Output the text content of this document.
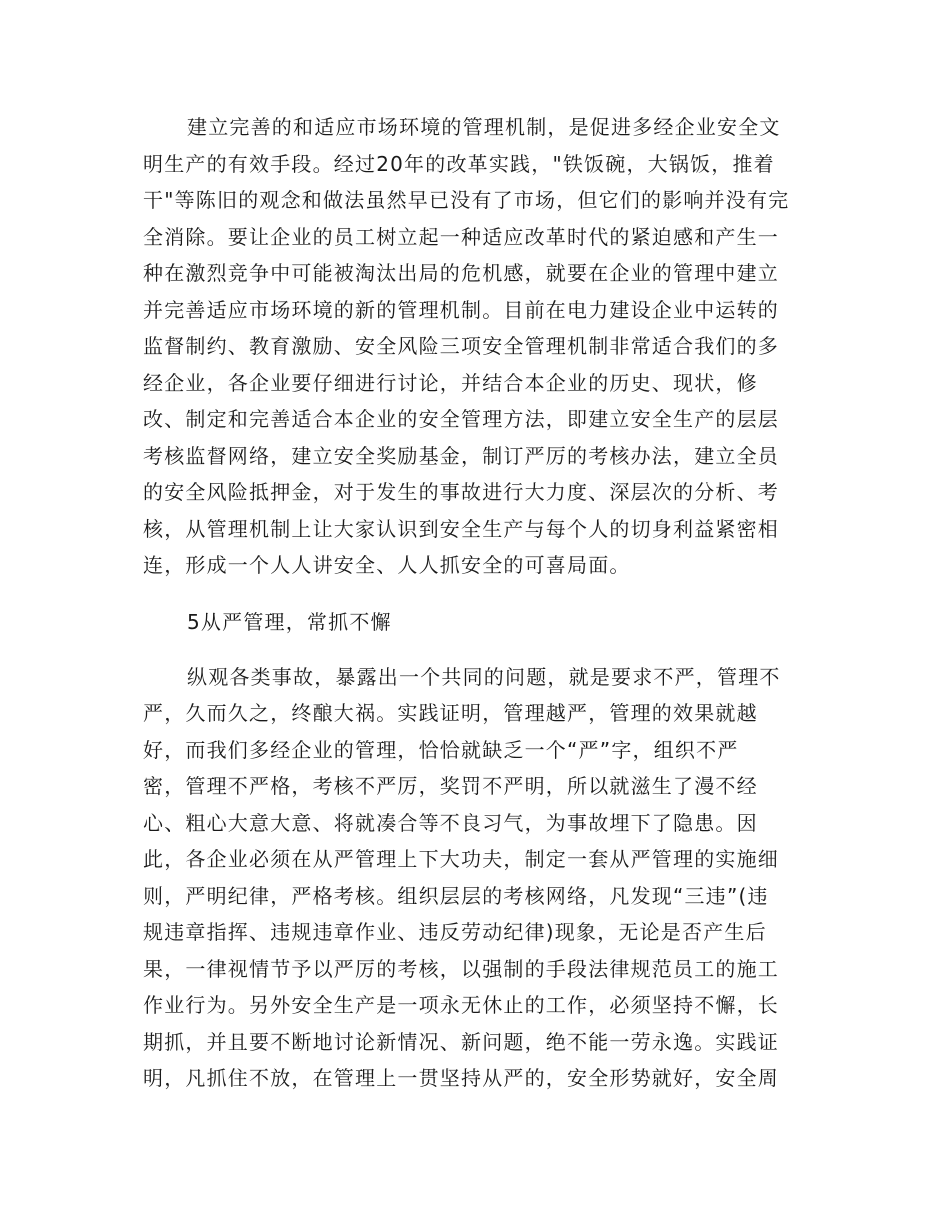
建立完善的和适应市场环境的管理机制，是促进多经企业安全文
明生产的有效手段。经过20年的改革实践，"铁饭碗，大锅饭，推着
干"等陈旧的观念和做法虽然早已没有了市场，但它们的影响并没有完
全消除。要让企业的员工树立起一种适应改革时代的紧迫感和产生一
种在激烈竞争中可能被淘汰出局的危机感，就要在企业的管理中建立
并完善适应市场环境的新的管理机制。目前在电力建设企业中运转的
监督制约、教育激励、安全风险三项安全管理机制非常适合我们的多
经企业，各企业要仔细进行讨论，并结合本企业的历史、现状，修
改、制定和完善适合本企业的安全管理方法，即建立安全生产的层层
考核监督网络，建立安全奖励基金，制订严厉的考核办法，建立全员
的安全风险抵押金，对于发生的事故进行大力度、深层次的分析、考
核，从管理机制上让大家认识到安全生产与每个人的切身利益紧密相
连，形成一个人人讲安全、人人抓安全的可喜局面。
5从严管理，常抓不懈
纵观各类事故，暴露出一个共同的问题，就是要求不严，管理不
严，久而久之，终酿大祸。实践证明，管理越严，管理的效果就越
好，而我们多经企业的管理，恰恰就缺乏一个“严”字，组织不严
密，管理不严格，考核不严厉，奖罚不严明，所以就滋生了漫不经
心、粗心大意大意、将就凑合等不良习气，为事故埋下了隐患。因
此，各企业必须在从严管理上下大功夫，制定一套从严管理的实施细
则，严明纪律，严格考核。组织层层的考核网络，凡发现“三违”(违
规违章指挥、违规违章作业、违反劳动纪律)现象，无论是否产生后
果，一律视情节予以严厉的考核，以强制的手段法律规范员工的施工
作业行为。另外安全生产是一项永无休止的工作，必须坚持不懈，长
期抓，并且要不断地讨论新情况、新问题，绝不能一劳永逸。实践证
明，凡抓住不放，在管理上一贯坚持从严的，安全形势就好，安全周
